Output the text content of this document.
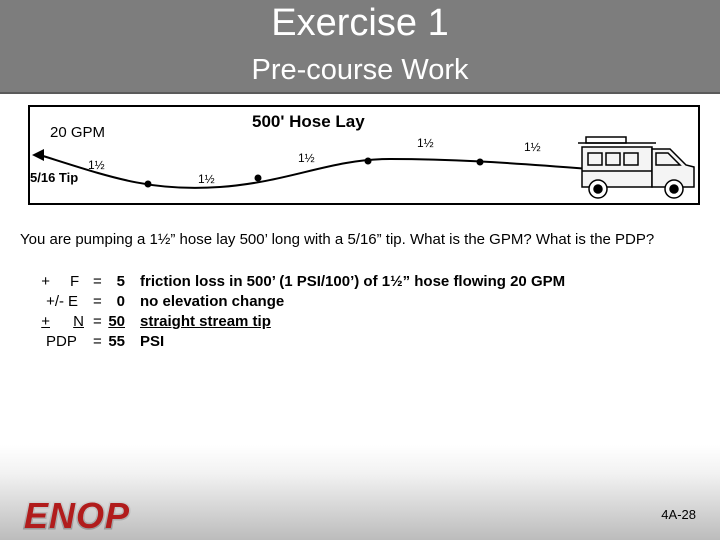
Exercise 1
Pre-course Work
500' Hose Lay
5/16 Tip
1½
1½
1½
1½	1½
20 GPM
You are pumping a 1½” hose lay 500’ long with a 5/16” tip. What is the GPM? What is the PDP?
+ F = 5 friction loss in 500’ (1 PSI/100’) of 1½” hose flowing 20 GPM
+/- E = 0 no elevation change
+	N = 50 straight stream tip
PDP	= 55 PSI
ENOP	4A-28
